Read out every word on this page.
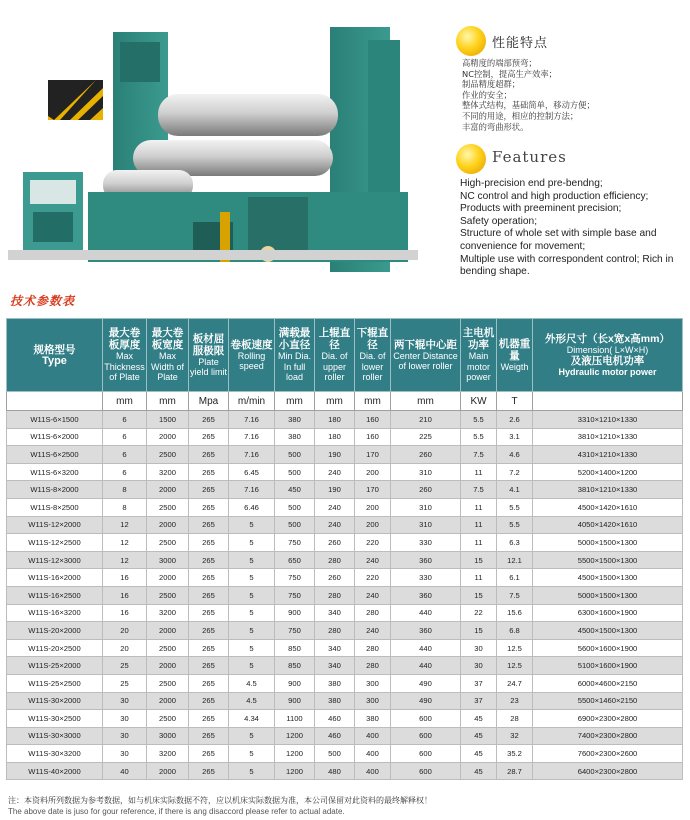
性能特点
高精度的端部预弯；
NC控制，提高生产效率；
制品精度超群；
作业的安全；
整体式结构，基础简单，移动方便；
不同的用途，相应的控制方法；
丰富的弯曲形状。
Features
High-precision end pre-bendng;
NC control and high production efficiency;
Products with preeminent precision;
Safety operation;
Structure of whole set with simple base and convenience for movement;
Multiple use with correspondent control; Rich in bending shape.
技术参数表
规格型号
Type	最大卷板厚度
Max Thickness of Plate	最大卷板宽度
Max Width of Plate	板材屈服极限
Plate yield limit	卷板速度
Rolling speed	满载最小直径
Min Dia. In full load	上辊直径
Dia. of upper roller	下辊直径
Dia. of lower roller	两下辊中心距
Center Distance of lower roller	主电机功率
Main motor power	机器重量
Weigth	外形尺寸（长x宽x高mm）
Dimension( L×W×H)
及液压电机功率
Hydraulic motor power

	mm	mm	Mpa	m/min	mm	mm	mm	mm	KW	T	
W11S-6×1500	6	1500	265	7.16	380	180	160	210	5.5	2.6	3310×1210×1330
W11S-6×2000	6	2000	265	7.16	380	180	160	225	5.5	3.1	3810×1210×1330
W11S-6×2500	6	2500	265	7.16	500	190	170	260	7.5	4.6	4310×1210×1330
W11S-6×3200	6	3200	265	6.45	500	240	200	310	11	7.2	5200×1400×1200
W11S-8×2000	8	2000	265	7.16	450	190	170	260	7.5	4.1	3810×1210×1330
W11S-8×2500	8	2500	265	6.46	500	240	200	310	11	5.5	4500×1420×1610
W11S-12×2000	12	2000	265	5	500	240	200	310	11	5.5	4050×1420×1610
W11S-12×2500	12	2500	265	5	750	260	220	330	11	6.3	5000×1500×1300
W11S-12×3000	12	3000	265	5	650	280	240	360	15	12.1	5500×1500×1300
W11S-16×2000	16	2000	265	5	750	260	220	330	11	6.1	4500×1500×1300
W11S-16×2500	16	2500	265	5	750	280	240	360	15	7.5	5000×1500×1300
W11S-16×3200	16	3200	265	5	900	340	280	440	22	15.6	6300×1600×1900
W11S-20×2000	20	2000	265	5	750	280	240	360	15	6.8	4500×1500×1300
W11S-20×2500	20	2500	265	5	850	340	280	440	30	12.5	5600×1600×1900
W11S-25×2000	25	2000	265	5	850	340	280	440	30	12.5	5100×1600×1900
W11S-25×2500	25	2500	265	4.5	900	380	300	490	37	24.7	6000×4600×2150
W11S-30×2000	30	2000	265	4.5	900	380	300	490	37	23	5500×1460×2150
W11S-30×2500	30	2500	265	4.34	1100	460	380	600	45	28	6900×2300×2800
W11S-30×3000	30	3000	265	5	1200	460	400	600	45	32	7400×2300×2800
W11S-30×3200	30	3200	265	5	1200	500	400	600	45	35.2	7600×2300×2600
W11S-40×2000	40	2000	265	5	1200	480	400	600	45	28.7	6400×2300×2800
注：本资料所列数据为参考数据，如与机床实际数据不符，应以机床实际数据为准，本公司保留对此资料的最终解释权！
The above date is juso for gour reference, if there is ang disaccord please refer to actual adate.
